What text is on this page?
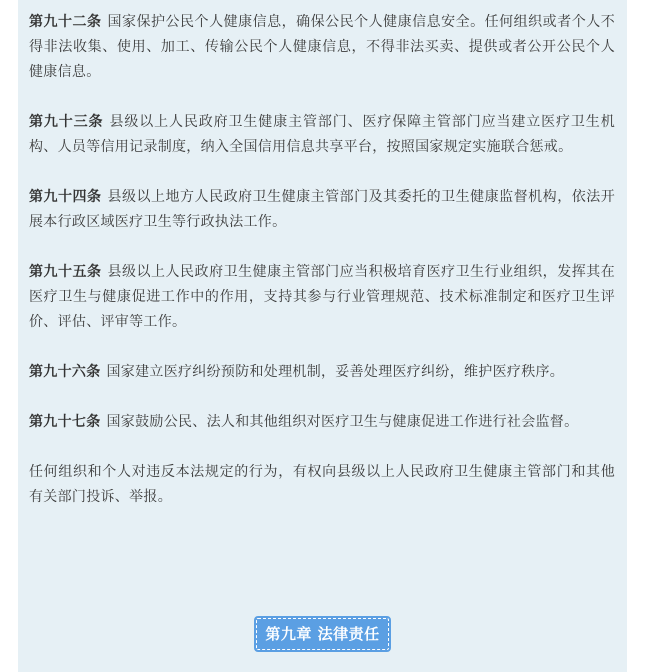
第九十二条 国家保护公民个人健康信息，确保公民个人健康信息安全。任何组织或者个人不得非法收集、使用、加工、传输公民个人健康信息，不得非法买卖、提供或者公开公民个人健康信息。

第九十三条 县级以上人民政府卫生健康主管部门、医疗保障主管部门应当建立医疗卫生机构、人员等信用记录制度，纳入全国信用信息共享平台，按照国家规定实施联合惩戒。

第九十四条 县级以上地方人民政府卫生健康主管部门及其委托的卫生健康监督机构，依法开展本行政区域医疗卫生等行政执法工作。

第九十五条 县级以上人民政府卫生健康主管部门应当积极培育医疗卫生行业组织，发挥其在医疗卫生与健康促进工作中的作用，支持其参与行业管理规范、技术标准制定和医疗卫生评价、评估、评审等工作。

第九十六条 国家建立医疗纠纷预防和处理机制，妥善处理医疗纠纷，维护医疗秩序。

第九十七条 国家鼓励公民、法人和其他组织对医疗卫生与健康促进工作进行社会监督。

任何组织和个人对违反本法规定的行为，有权向县级以上人民政府卫生健康主管部门和其他有关部门投诉、举报。

第九章 法律责任
